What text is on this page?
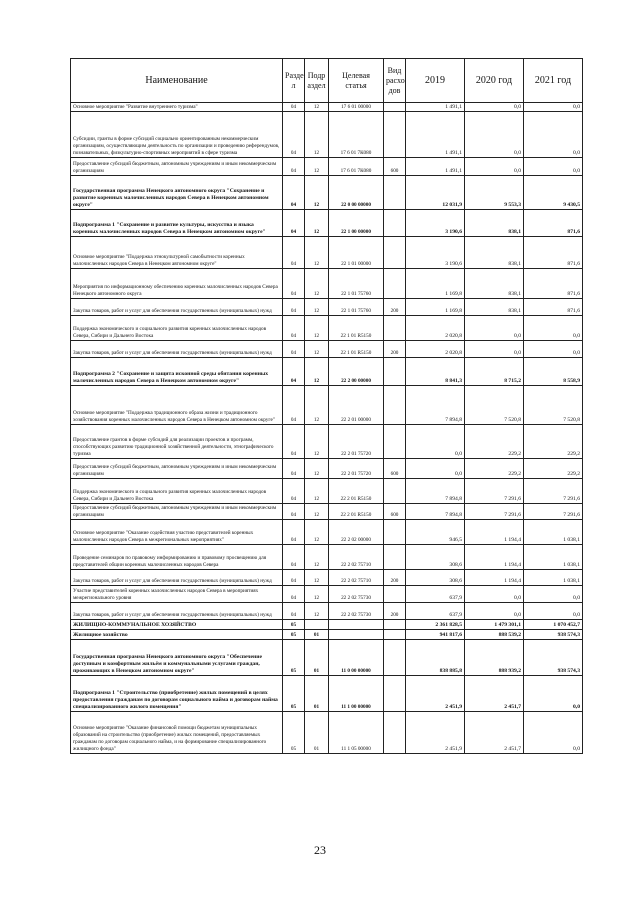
Наименование	Разде л	Подр аздел	Целевая статья	Вид расхо дов	2019	2020 год	2021 год
Основное мероприятие "Развитие внутреннего туризма"	04	12	17 6 01 00000		1 491,1	0,0	0,0
Субсидии, гранты в форме субсидий социально ориентированным некоммерческим организациям, осуществляющим деятельность по организации и проведению референдумов, познавательных, физкультурно-спортивных мероприятий в сфере туризма	04	12	17 6 01 7К080		1 491,1	0,0	0,0
Предоставление субсидий бюджетным, автономным учреждениям и иным некоммерческим организациям	04	12	17 6 01 7К080	600	1 491,1	0,0	0,0
Государственная программа Ненецкого автономного округа "Сохранение и развитие коренных малочисленных народов Севера в Ненецком автономном округе"	04	12	22 0 00 00000		12 031,9	9 553,3	9 430,5
Подпрограмма 1 "Сохранение и развитие культуры, искусства и языка коренных малочисленных народов Севера в Ненецком автономном округе"	04	12	22 1 00 00000		3 190,6	838,1	871,6
Основное мероприятие "Поддержка этнокультурной самобытности коренных малочисленных народов Севера в Ненецком автономном округе"	04	12	22 1 01 00000		3 190,6	838,1	871,6
Мероприятия по информационному обеспечению коренных малочисленных народов Севера Ненецкого автономного округа	04	12	22 1 01 75760		1 169,8	838,1	871,6
Закупка товаров, работ и услуг для обеспечения государственных (муниципальных) нужд	04	12	22 1 01 75760	200	1 169,8	838,1	871,6
Поддержка экономического и социального развития коренных малочисленных народов Севера, Сибири и Дальнего Востока	04	12	22 1 01 R5150		2 020,8	0,0	0,0
Закупка товаров, работ и услуг для обеспечения государственных (муниципальных) нужд	04	12	22 1 01 R5150	200	2 020,8	0,0	0,0
Подпрограмма 2 "Сохранение и защита исконной среды обитания коренных малочисленных народов Севера в Ненецком автономном округе"	04	12	22 2 00 00000		8 841,3	8 715,2	8 558,9
Основное мероприятие "Поддержка традиционного образа жизни и традиционного хозяйствования коренных малочисленных народов Севера в Ненецком автономном округе"	04	12	22 2 01 00000		7 894,8	7 520,8	7 520,8
Предоставление грантов в форме субсидий для реализации проектов и программ, способствующих развитию традиционной хозяйственной деятельности, этнографического туризма	04	12	22 2 01 75720		0,0	229,2	229,2
Предоставление субсидий бюджетным, автономным учреждениям и иным некоммерческим организациям	04	12	22 2 01 75720	600	0,0	229,2	229,2
Поддержка экономического и социального развития коренных малочисленных народов Севера, Сибири и Дальнего Востока	04	12	22 2 01 R5150		7 894,8	7 291,6	7 291,6
Предоставление субсидий бюджетным, автономным учреждениям и иным некоммерческим организациям	04	12	22 2 01 R5150	600	7 894,8	7 291,6	7 291,6
Основное мероприятие "Оказание содействия участию представителей коренных малочисленных народов Севера в межрегиональных мероприятиях"	04	12	22 2 02 00000		946,5	1 194,4	1 038,1
Проведение семинаров по правовому информированию и правовому просвещению для представителей общин коренных малочисленных народов Севера	04	12	22 2 02 75710		308,6	1 194,4	1 038,1
Закупка товаров, работ и услуг для обеспечения государственных (муниципальных) нужд	04	12	22 2 02 75710	200	308,6	1 194,4	1 038,1
Участие представителей коренных малочисленных народов Севера в мероприятиях межрегионального уровня	04	12	22 2 02 75730		637,9	0,0	0,0
Закупка товаров, работ и услуг для обеспечения государственных (муниципальных) нужд	04	12	22 2 02 75730	200	637,9	0,0	0,0
ЖИЛИЩНО-КОММУНАЛЬНОЕ ХОЗЯЙСТВО	05				2 361 828,5	1 479 301,1	1 070 452,7
Жилищное хозяйство	05	01			941 817,6	888 539,2	938 574,3
Государственная программа Ненецкого автономного округа "Обеспечение доступным и комфортным жильём и коммунальными услугами граждан, проживающих в Ненецком автономном округе"	05	01	11 0 00 00000		838 885,8	888 939,2	938 574,3
Подпрограмма 1 "Строительство (приобретение) жилых помещений в целях предоставления гражданам по договорам социального найма и договорам найма специализированного жилого помещения"	05	01	11 1 00 00000		2 451,9	2 451,7	0,0
Основное мероприятие "Оказание финансовой помощи бюджетам муниципальных образований на строительство (приобретение) жилых помещений, предоставляемых гражданам по договорам социального найма, и на формирование специализированного жилищного фонда"	05	01	11 1 05 00000		2 451,9	2 451,7	0,0
23
